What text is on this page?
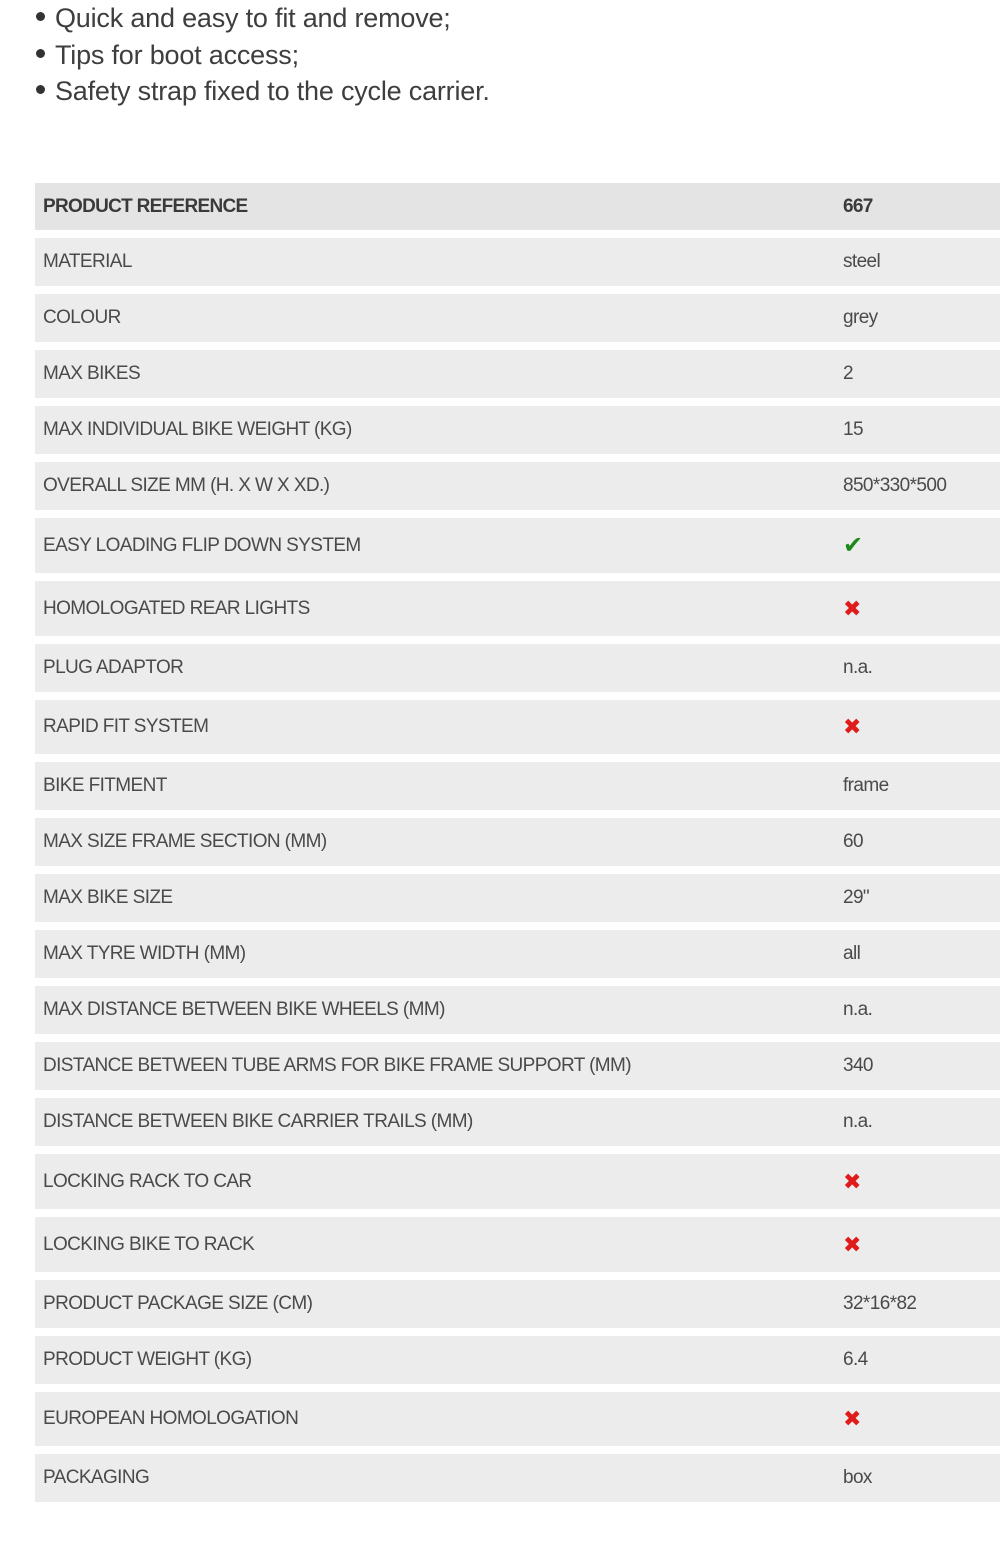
Quick and easy to fit and remove;
Tips for boot access;
Safety strap fixed to the cycle carrier.
PRODUCT REFERENCE	667
MATERIAL	steel
COLOUR	grey
MAX BIKES	2
MAX INDIVIDUAL BIKE WEIGHT (KG)	15
OVERALL SIZE MM (H. X W X XD.)	850*330*500
EASY LOADING FLIP DOWN SYSTEM	✔
HOMOLOGATED REAR LIGHTS	✖
PLUG ADAPTOR	n.a.
RAPID FIT SYSTEM	✖
BIKE FITMENT	frame
MAX SIZE FRAME SECTION (MM)	60
MAX BIKE SIZE	29"
MAX TYRE WIDTH (MM)	all
MAX DISTANCE BETWEEN BIKE WHEELS (MM)	n.a.
DISTANCE BETWEEN TUBE ARMS FOR BIKE FRAME SUPPORT (MM)	340
DISTANCE BETWEEN BIKE CARRIER TRAILS (MM)	n.a.
LOCKING RACK TO CAR	✖
LOCKING BIKE TO RACK	✖
PRODUCT PACKAGE SIZE (CM)	32*16*82
PRODUCT WEIGHT (KG)	6.4
EUROPEAN HOMOLOGATION	✖
PACKAGING	box
